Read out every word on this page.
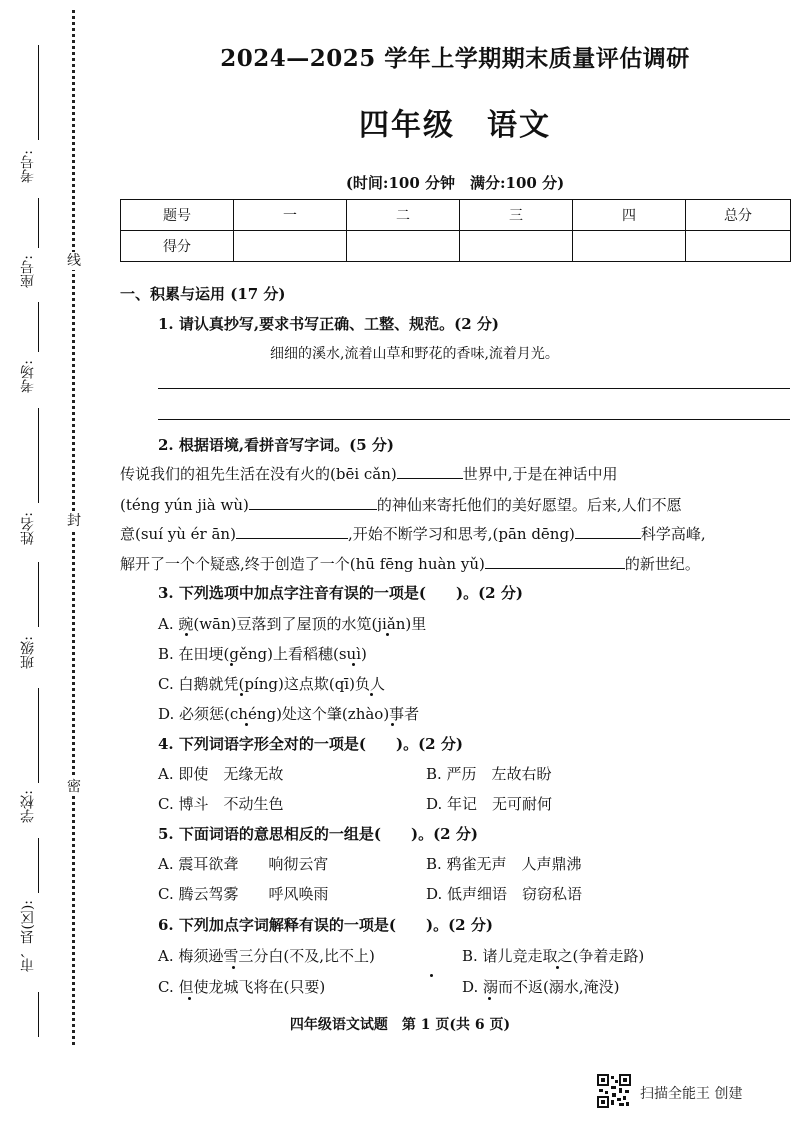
考号:
座号:
考场:
姓名:
班级:
学校:
市、县(区):
线
封
密
2024—2025 学年上学期期末质量评估调研
四年级　语文
(时间:100 分钟　满分:100 分)
题号	一	二	三	四	总分
得分					
一、积累与运用 (17 分)
1. 请认真抄写,要求书写正确、工整、规范。(2 分)
细细的溪水,流着山草和野花的香味,流着月光。
2. 根据语境,看拼音写字词。(5 分)
传说我们的祖先生活在没有火的(bēi cǎn)	世界中,于是在神话中用
(téng yún jià wù)	的神仙来寄托他们的美好愿望。后来,人们不愿
意(suí yù ér ān)	,开始不断学习和思考,(pān dēng)	科学高峰,
解开了一个个疑惑,终于创造了一个(hū fēng huàn yǔ)	的新世纪。
3. 下列选项中加点字注音有误的一项是(　　)。(2 分)
A. 豌(wān)豆落到了屋顶的水笕(jiǎn)里
B. 在田埂(gěng)上看稻穗(suì)
C. 白鹅就凭(píng)这点欺(qī)负人
D. 必须惩(chéng)处这个肇(zhào)事者
4. 下列词语字形全对的一项是(　　)。(2 分)
A. 即使　无缘无故	B. 严历　左故右盼
C. 博斗　不动生色	D. 年记　无可耐何
5. 下面词语的意思相反的一组是(　　)。(2 分)
A. 震耳欲聋　　响彻云宵	B. 鸦雀无声　人声鼎沸
C. 腾云驾雾　　呼风唤雨	D. 低声细语　窃窃私语
6. 下列加点字词解释有误的一项是(　　)。(2 分)
A. 梅须逊雪三分白(不及,比不上)	B. 诸儿竞走取之(争着走路)
C. 但使龙城飞将在(只要)	D. 溺而不返(溺水,淹没)
四年级语文试题　第 1 页(共 6 页)
扫描全能王 创建
